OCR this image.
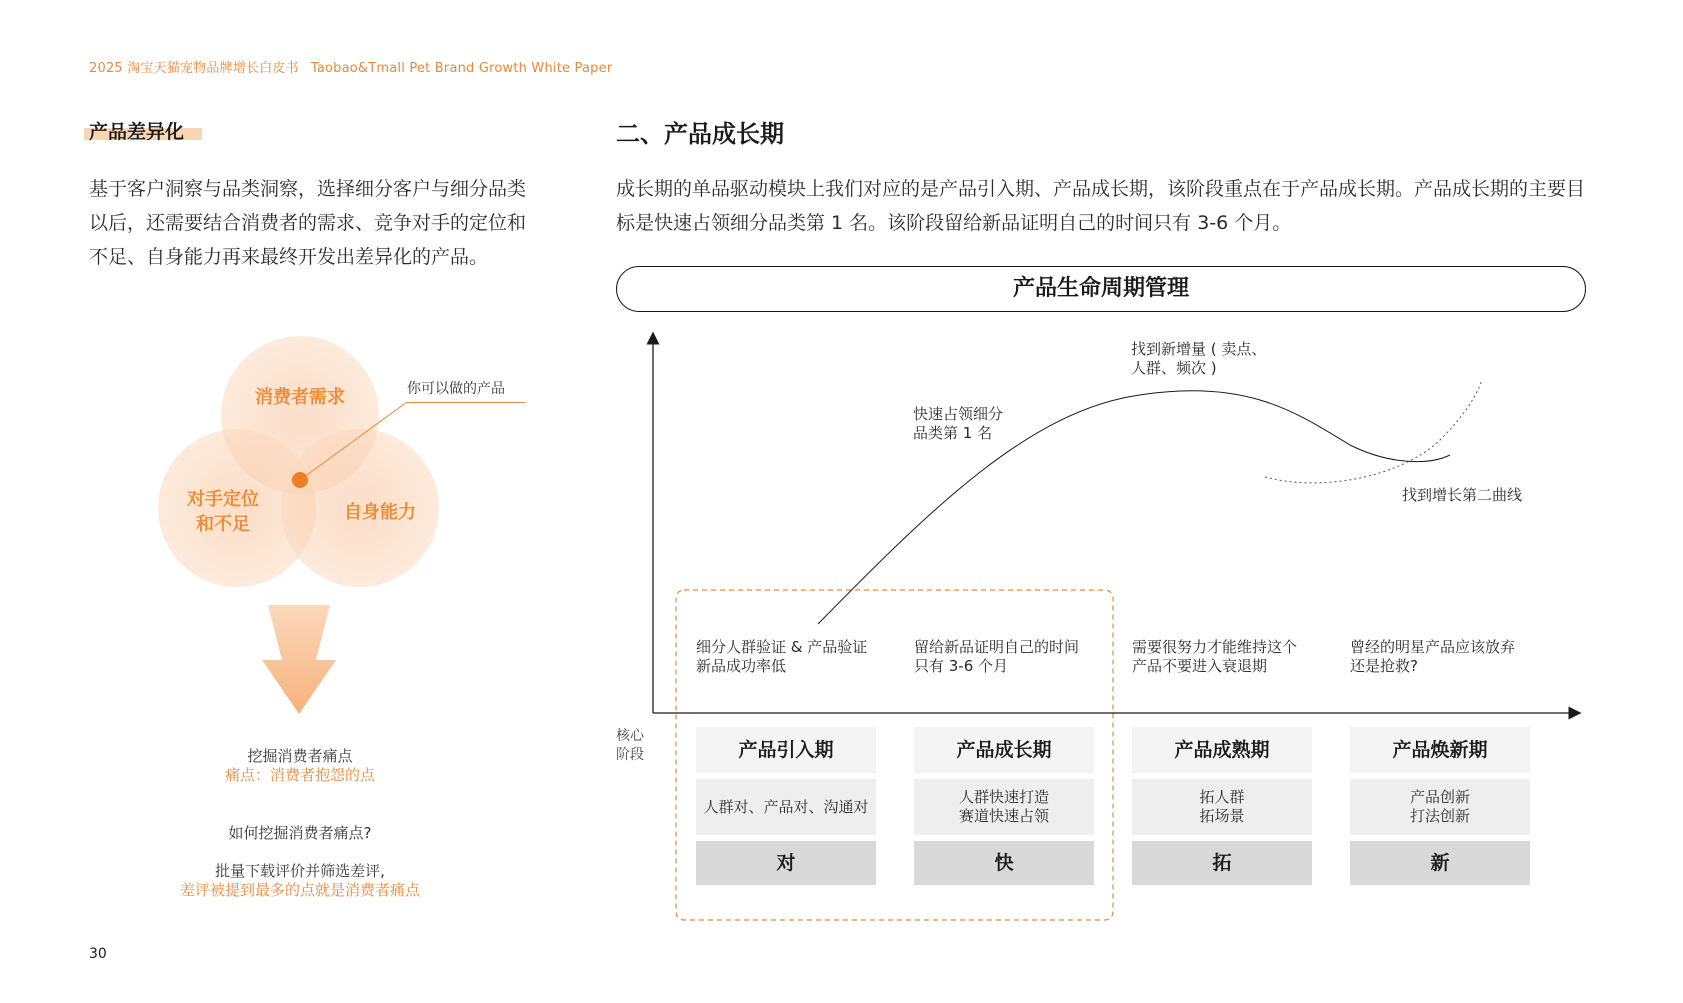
2025 淘宝天猫宠物品牌增长白皮书 Taobao&Tmall Pet Brand Growth White Paper
产品差异化
基于客户洞察与品类洞察，选择细分客户与细分品类以后，还需要结合消费者的需求、竞争对手的定位和不足、自身能力再来最终开发出差异化的产品。
消费者需求
对手定位
和不足
自身能力
你可以做的产品
挖掘消费者痛点
痛点：消费者抱怨的点
如何挖掘消费者痛点?
批量下载评价并筛选差评,
差评被提到最多的点就是消费者痛点
30
二、产品成长期
成长期的单品驱动模块上我们对应的是产品引入期、产品成长期，该阶段重点在于产品成长期。产品成长期的主要目标是快速占领细分品类第 1 名。该阶段留给新品证明自己的时间只有 3-6 个月。
产品生命周期管理
快速占领细分
品类第 1 名
找到新增量 ( 卖点、
人群、频次 )
找到增长第二曲线
细分人群验证 & 产品验证
新品成功率低
留给新品证明自己的时间
只有 3-6 个月
需要很努力才能维持这个
产品不要进入衰退期
曾经的明星产品应该放弃
还是抢救?
核心
阶段	产品引入期
人群对、产品对、沟通对
对
产品成长期
人群快速打造
赛道快速占领
快
产品成熟期
拓人群
拓场景
拓
产品焕新期
产品创新
打法创新
新
